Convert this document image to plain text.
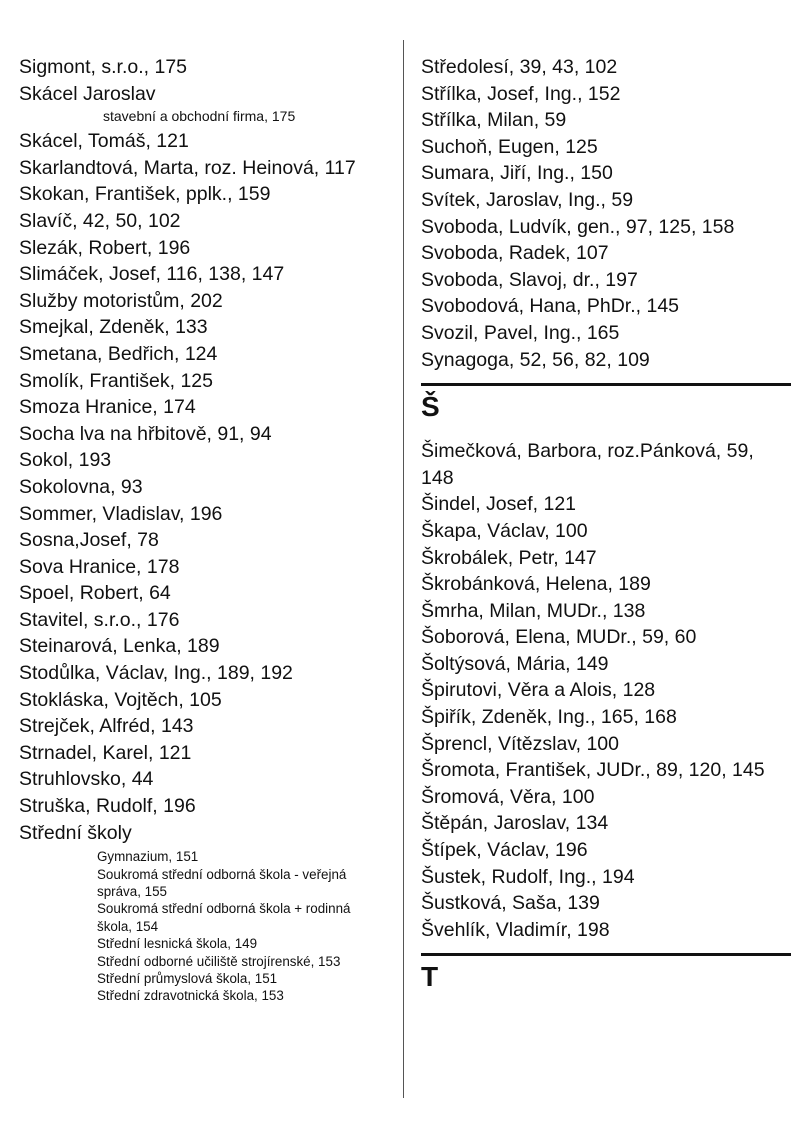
Sigmont, s.r.o., 175
Skácel Jaroslav
stavební a obchodní firma, 175
Skácel, Tomáš, 121
Skarlandtová, Marta, roz. Heinová, 117
Skokan, František, pplk., 159
Slavíč, 42, 50, 102
Slezák, Robert, 196
Slimáček, Josef, 116, 138, 147
Služby motoristům, 202
Smejkal, Zdeněk, 133
Smetana, Bedřich, 124
Smolík, František, 125
Smoza Hranice, 174
Socha lva na hřbitově, 91, 94
Sokol, 193
Sokolovna, 93
Sommer, Vladislav, 196
Sosna,Josef, 78
Sova Hranice, 178
Spoel, Robert, 64
Stavitel, s.r.o., 176
Steinarová, Lenka, 189
Stodůlka, Václav, Ing., 189, 192
Stokláska, Vojtěch, 105
Strejček, Alfréd, 143
Strnadel, Karel, 121
Struhlovsko, 44
Struška, Rudolf, 196
Střední školy
Gymnazium, 151
Soukromá střední odborná škola - veřejná správa, 155
Soukromá střední odborná škola + rodinná škola, 154
Střední lesnická škola, 149
Střední odborné učiliště strojírenské, 153
Střední průmyslová škola, 151
Střední zdravotnická škola, 153
Středolesí, 39, 43, 102
Střílka, Josef, Ing., 152
Střílka, Milan, 59
Suchoň, Eugen, 125
Sumara, Jiří, Ing., 150
Svítek, Jaroslav, Ing., 59
Svoboda, Ludvík, gen., 97, 125, 158
Svoboda, Radek, 107
Svoboda, Slavoj, dr., 197
Svobodová, Hana, PhDr., 145
Svozil, Pavel, Ing., 165
Synagoga, 52, 56, 82, 109
Š
Šimečková, Barbora, roz.Pánková, 59, 148
Šindel, Josef, 121
Škapa, Václav, 100
Škrobálek, Petr, 147
Škrobánková, Helena, 189
Šmrha, Milan, MUDr., 138
Šoborová, Elena, MUDr., 59, 60
Šoltýsová, Mária, 149
Špirutovi, Věra a Alois, 128
Špiřík, Zdeněk, Ing., 165, 168
Šprencl, Vítězslav, 100
Šromota, František, JUDr., 89, 120, 145
Šromová, Věra, 100
Štěpán, Jaroslav, 134
Štípek, Václav, 196
Šustek, Rudolf, Ing., 194
Šustková, Saša, 139
Švehlík, Vladimír, 198
T
